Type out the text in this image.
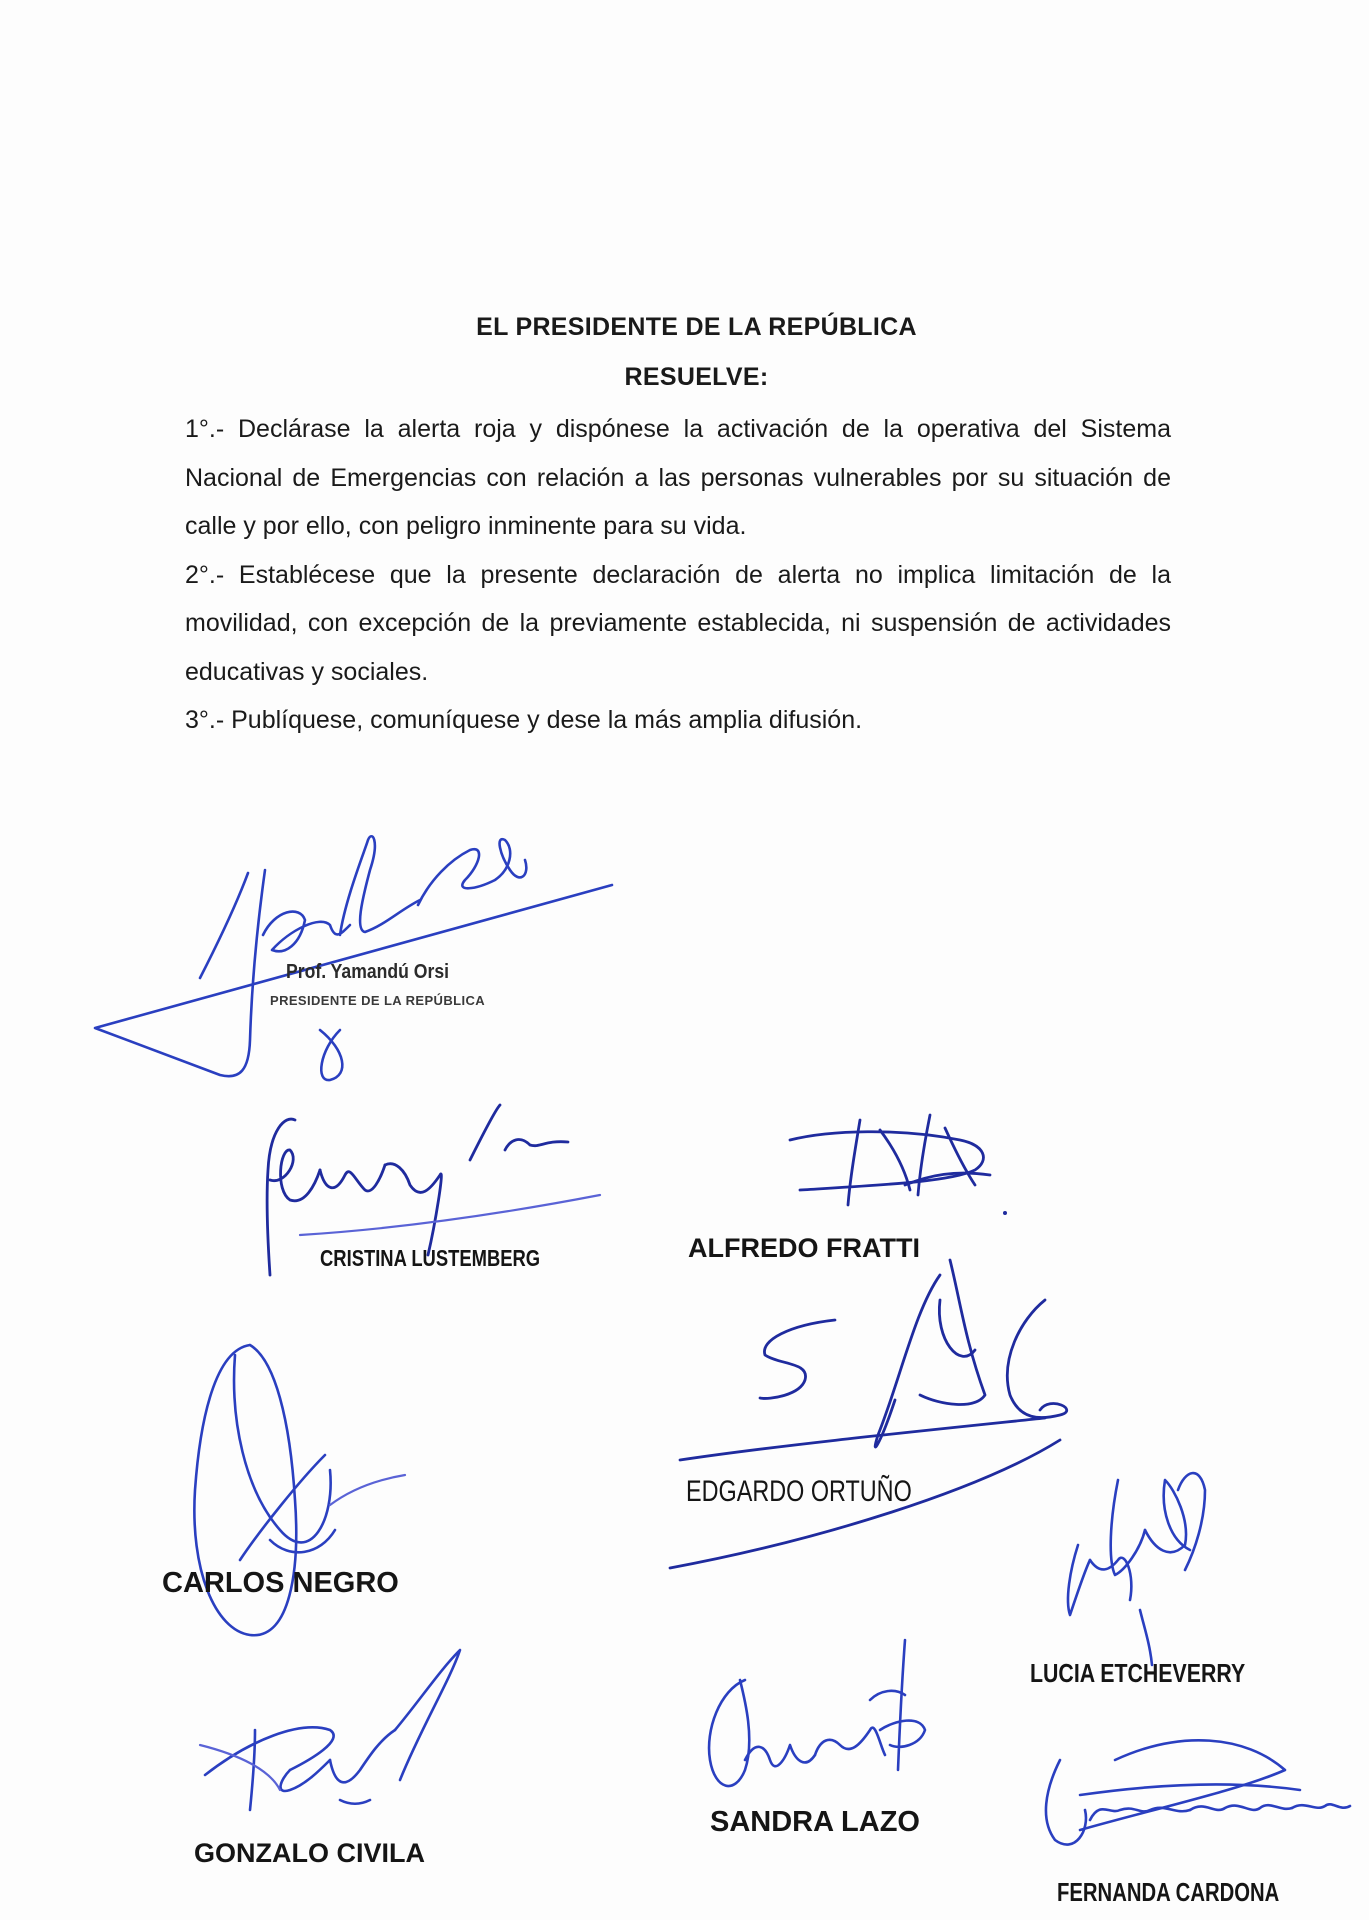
EL PRESIDENTE DE LA REPÚBLICA
RESUELVE:

1°.- Declárase la alerta roja y dispónese la activación de la operativa del Sistema Nacional de Emergencias con relación a las personas vulnerables por su situación de calle y por ello, con peligro inminente para su vida.

2°.- Establécese que la presente declaración de alerta no implica limitación de la movilidad, con excepción de la previamente establecida, ni suspensión de actividades educativas y sociales.

3°.- Publíquese, comuníquese y dese la más amplia difusión.

Prof. Yamandú Orsi
PRESIDENTE DE LA REPÚBLICA
CRISTINA LUSTEMBERG	ALFREDO FRATTI
EDGARDO ORTUÑO
CARLOS NEGRO
LUCIA ETCHEVERRY
GONZALO CIVILA
SANDRA LAZO
FERNANDA CARDONA
